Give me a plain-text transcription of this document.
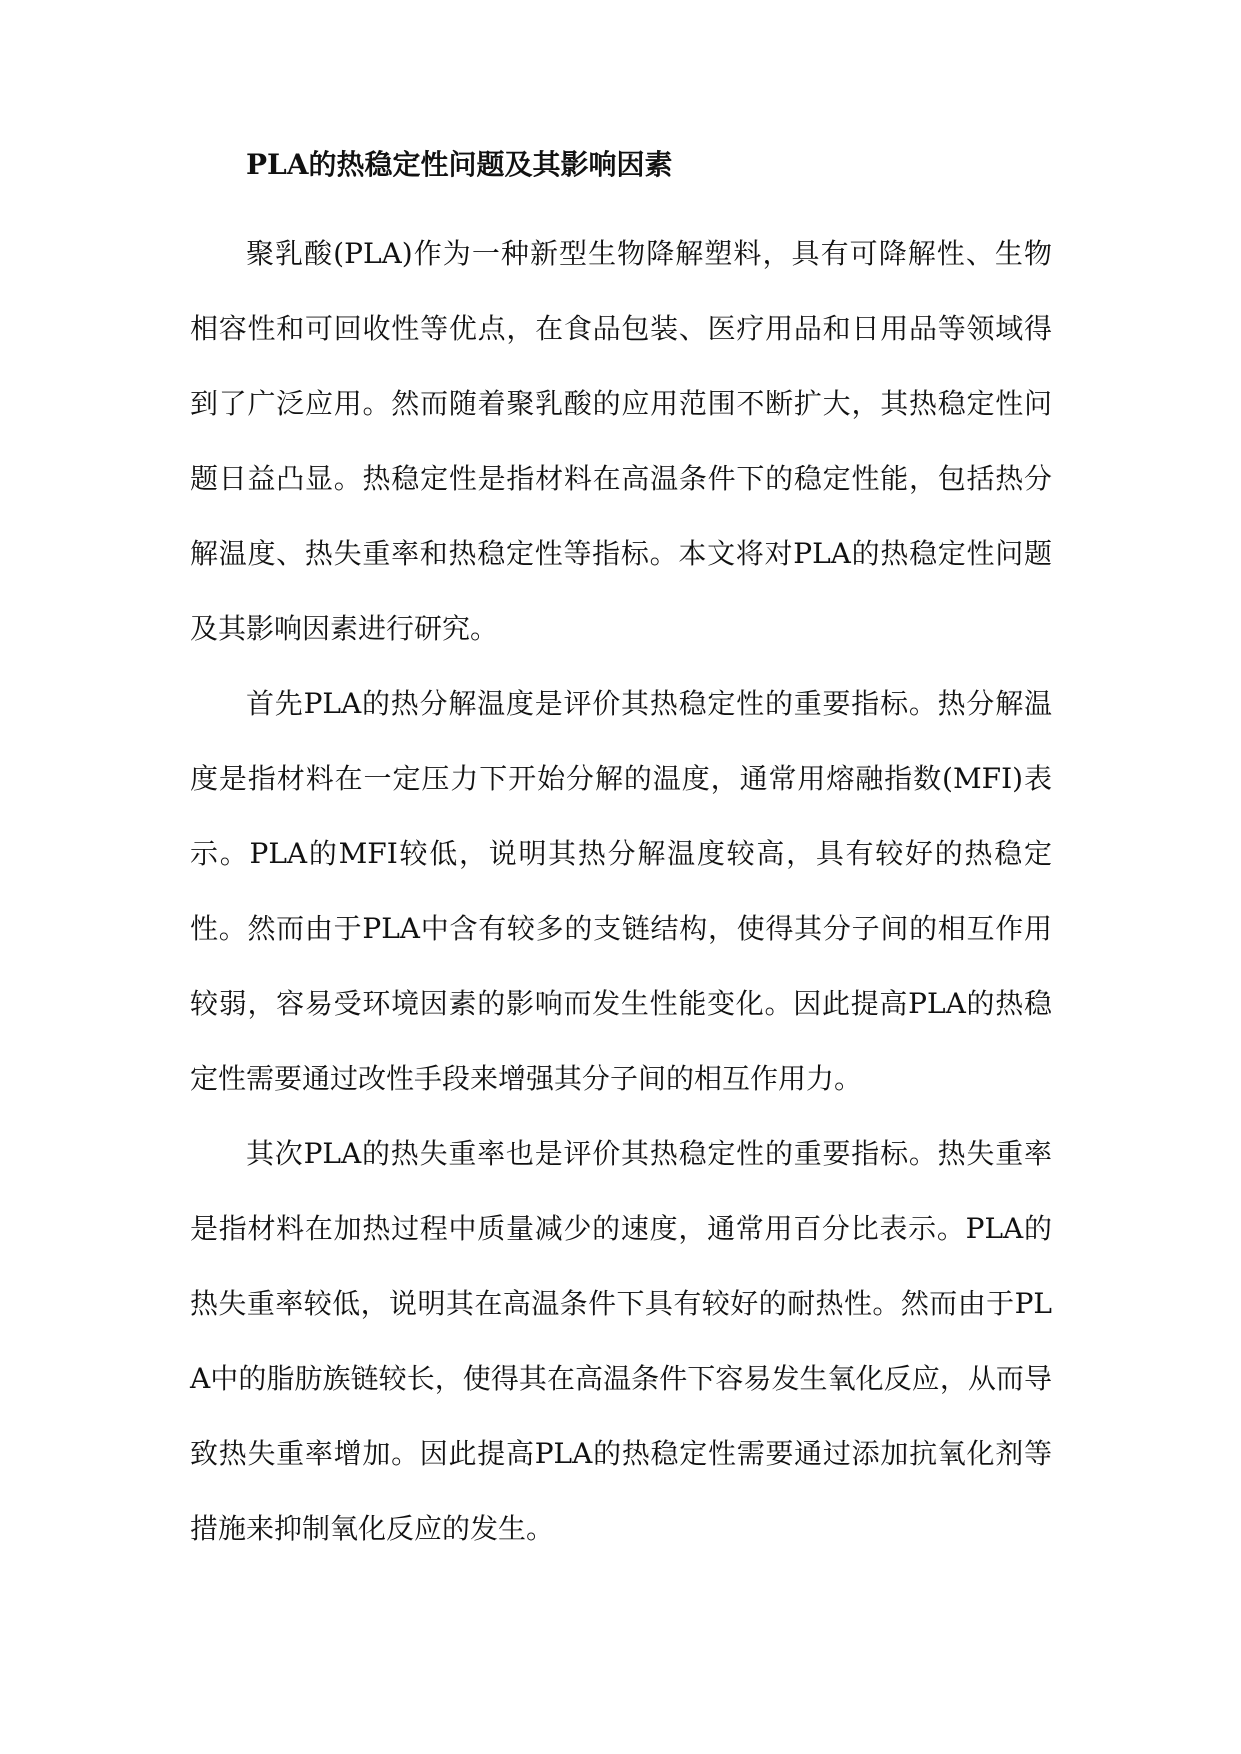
PLA的热稳定性问题及其影响因素

聚乳酸(PLA)作为一种新型生物降解塑料，具有可降解性、生物相容性和可回收性等优点，在食品包装、医疗用品和日用品等领域得到了广泛应用。然而随着聚乳酸的应用范围不断扩大，其热稳定性问题日益凸显。热稳定性是指材料在高温条件下的稳定性能，包括热分解温度、热失重率和热稳定性等指标。本文将对PLA的热稳定性问题及其影响因素进行研究。

首先PLA的热分解温度是评价其热稳定性的重要指标。热分解温度是指材料在一定压力下开始分解的温度，通常用熔融指数(MFI)表示。PLA的MFI较低，说明其热分解温度较高，具有较好的热稳定性。然而由于PLA中含有较多的支链结构，使得其分子间的相互作用较弱，容易受环境因素的影响而发生性能变化。因此提高PLA的热稳定性需要通过改性手段来增强其分子间的相互作用力。

其次PLA的热失重率也是评价其热稳定性的重要指标。热失重率是指材料在加热过程中质量减少的速度，通常用百分比表示。PLA的热失重率较低，说明其在高温条件下具有较好的耐热性。然而由于PLA中的脂肪族链较长，使得其在高温条件下容易发生氧化反应，从而导致热失重率增加。因此提高PLA的热稳定性需要通过添加抗氧化剂等措施来抑制氧化反应的发生。
